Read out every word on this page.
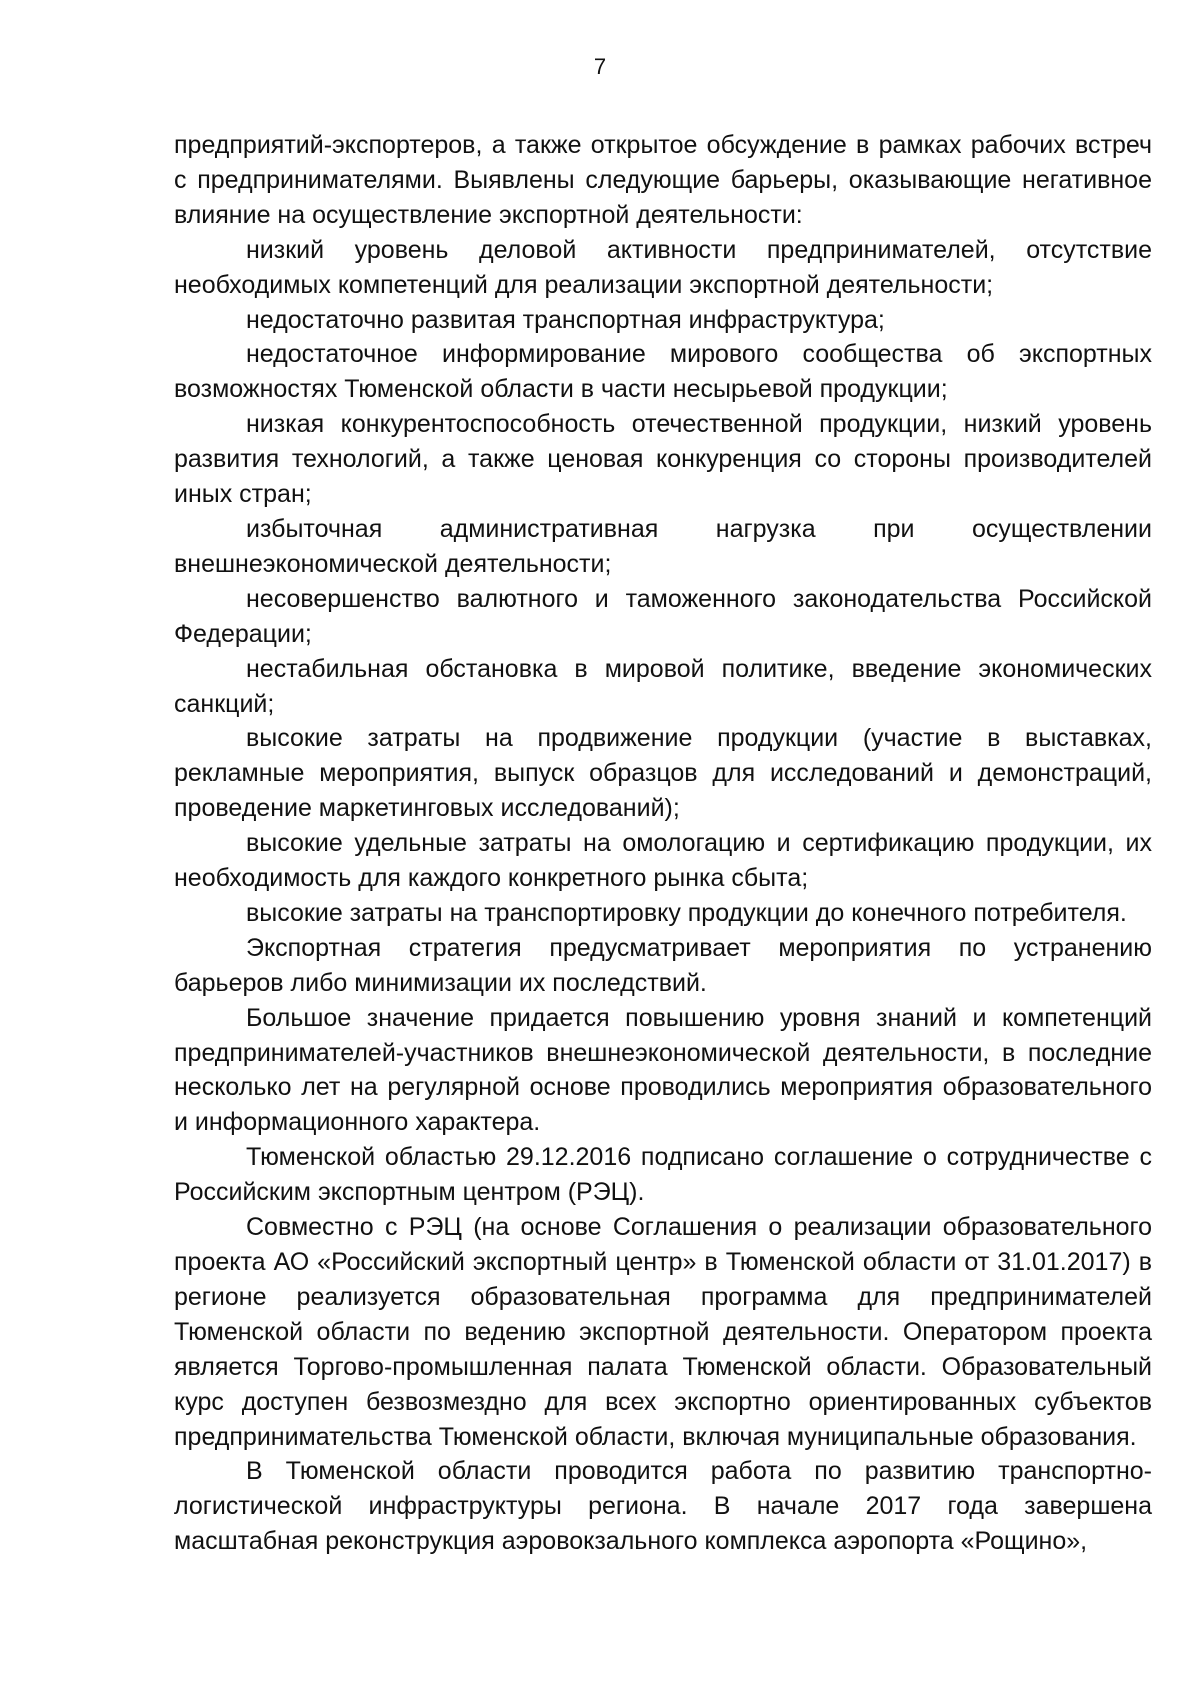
7

предприятий-экспортеров, а также открытое обсуждение в рамках рабочих встреч с предпринимателями. Выявлены следующие барьеры, оказывающие негативное влияние на осуществление экспортной деятельности:

низкий уровень деловой активности предпринимателей, отсутствие необходимых компетенций для реализации экспортной деятельности;

недостаточно развитая транспортная инфраструктура;

недостаточное информирование мирового сообщества об экспортных возможностях Тюменской области в части несырьевой продукции;

низкая конкурентоспособность отечественной продукции, низкий уровень развития технологий, а также ценовая конкуренция со стороны производителей иных стран;

избыточная административная нагрузка при осуществлении внешнеэкономической деятельности;

несовершенство валютного и таможенного законодательства Российской Федерации;

нестабильная обстановка в мировой политике, введение экономических санкций;

высокие затраты на продвижение продукции (участие в выставках, рекламные мероприятия, выпуск образцов для исследований и демонстраций, проведение маркетинговых исследований);

высокие удельные затраты на омологацию и сертификацию продукции, их необходимость для каждого конкретного рынка сбыта;

высокие затраты на транспортировку продукции до конечного потребителя.

Экспортная стратегия предусматривает мероприятия по устранению барьеров либо минимизации их последствий.

Большое значение придается повышению уровня знаний и компетенций предпринимателей-участников внешнеэкономической деятельности, в последние несколько лет на регулярной основе проводились мероприятия образовательного и информационного характера.

Тюменской областью 29.12.2016 подписано соглашение о сотрудничестве с Российским экспортным центром (РЭЦ).

Совместно с РЭЦ (на основе Соглашения о реализации образовательного проекта АО «Российский экспортный центр» в Тюменской области от 31.01.2017) в регионе реализуется образовательная программа для предпринимателей Тюменской области по ведению экспортной деятельности. Оператором проекта является Торгово-промышленная палата Тюменской области. Образовательный курс доступен безвозмездно для всех экспортно ориентированных субъектов предпринимательства Тюменской области, включая муниципальные образования.

В Тюменской области проводится работа по развитию транспортно-логистической инфраструктуры региона. В начале 2017 года завершена масштабная реконструкция аэровокзального комплекса аэропорта «Рощино»,
